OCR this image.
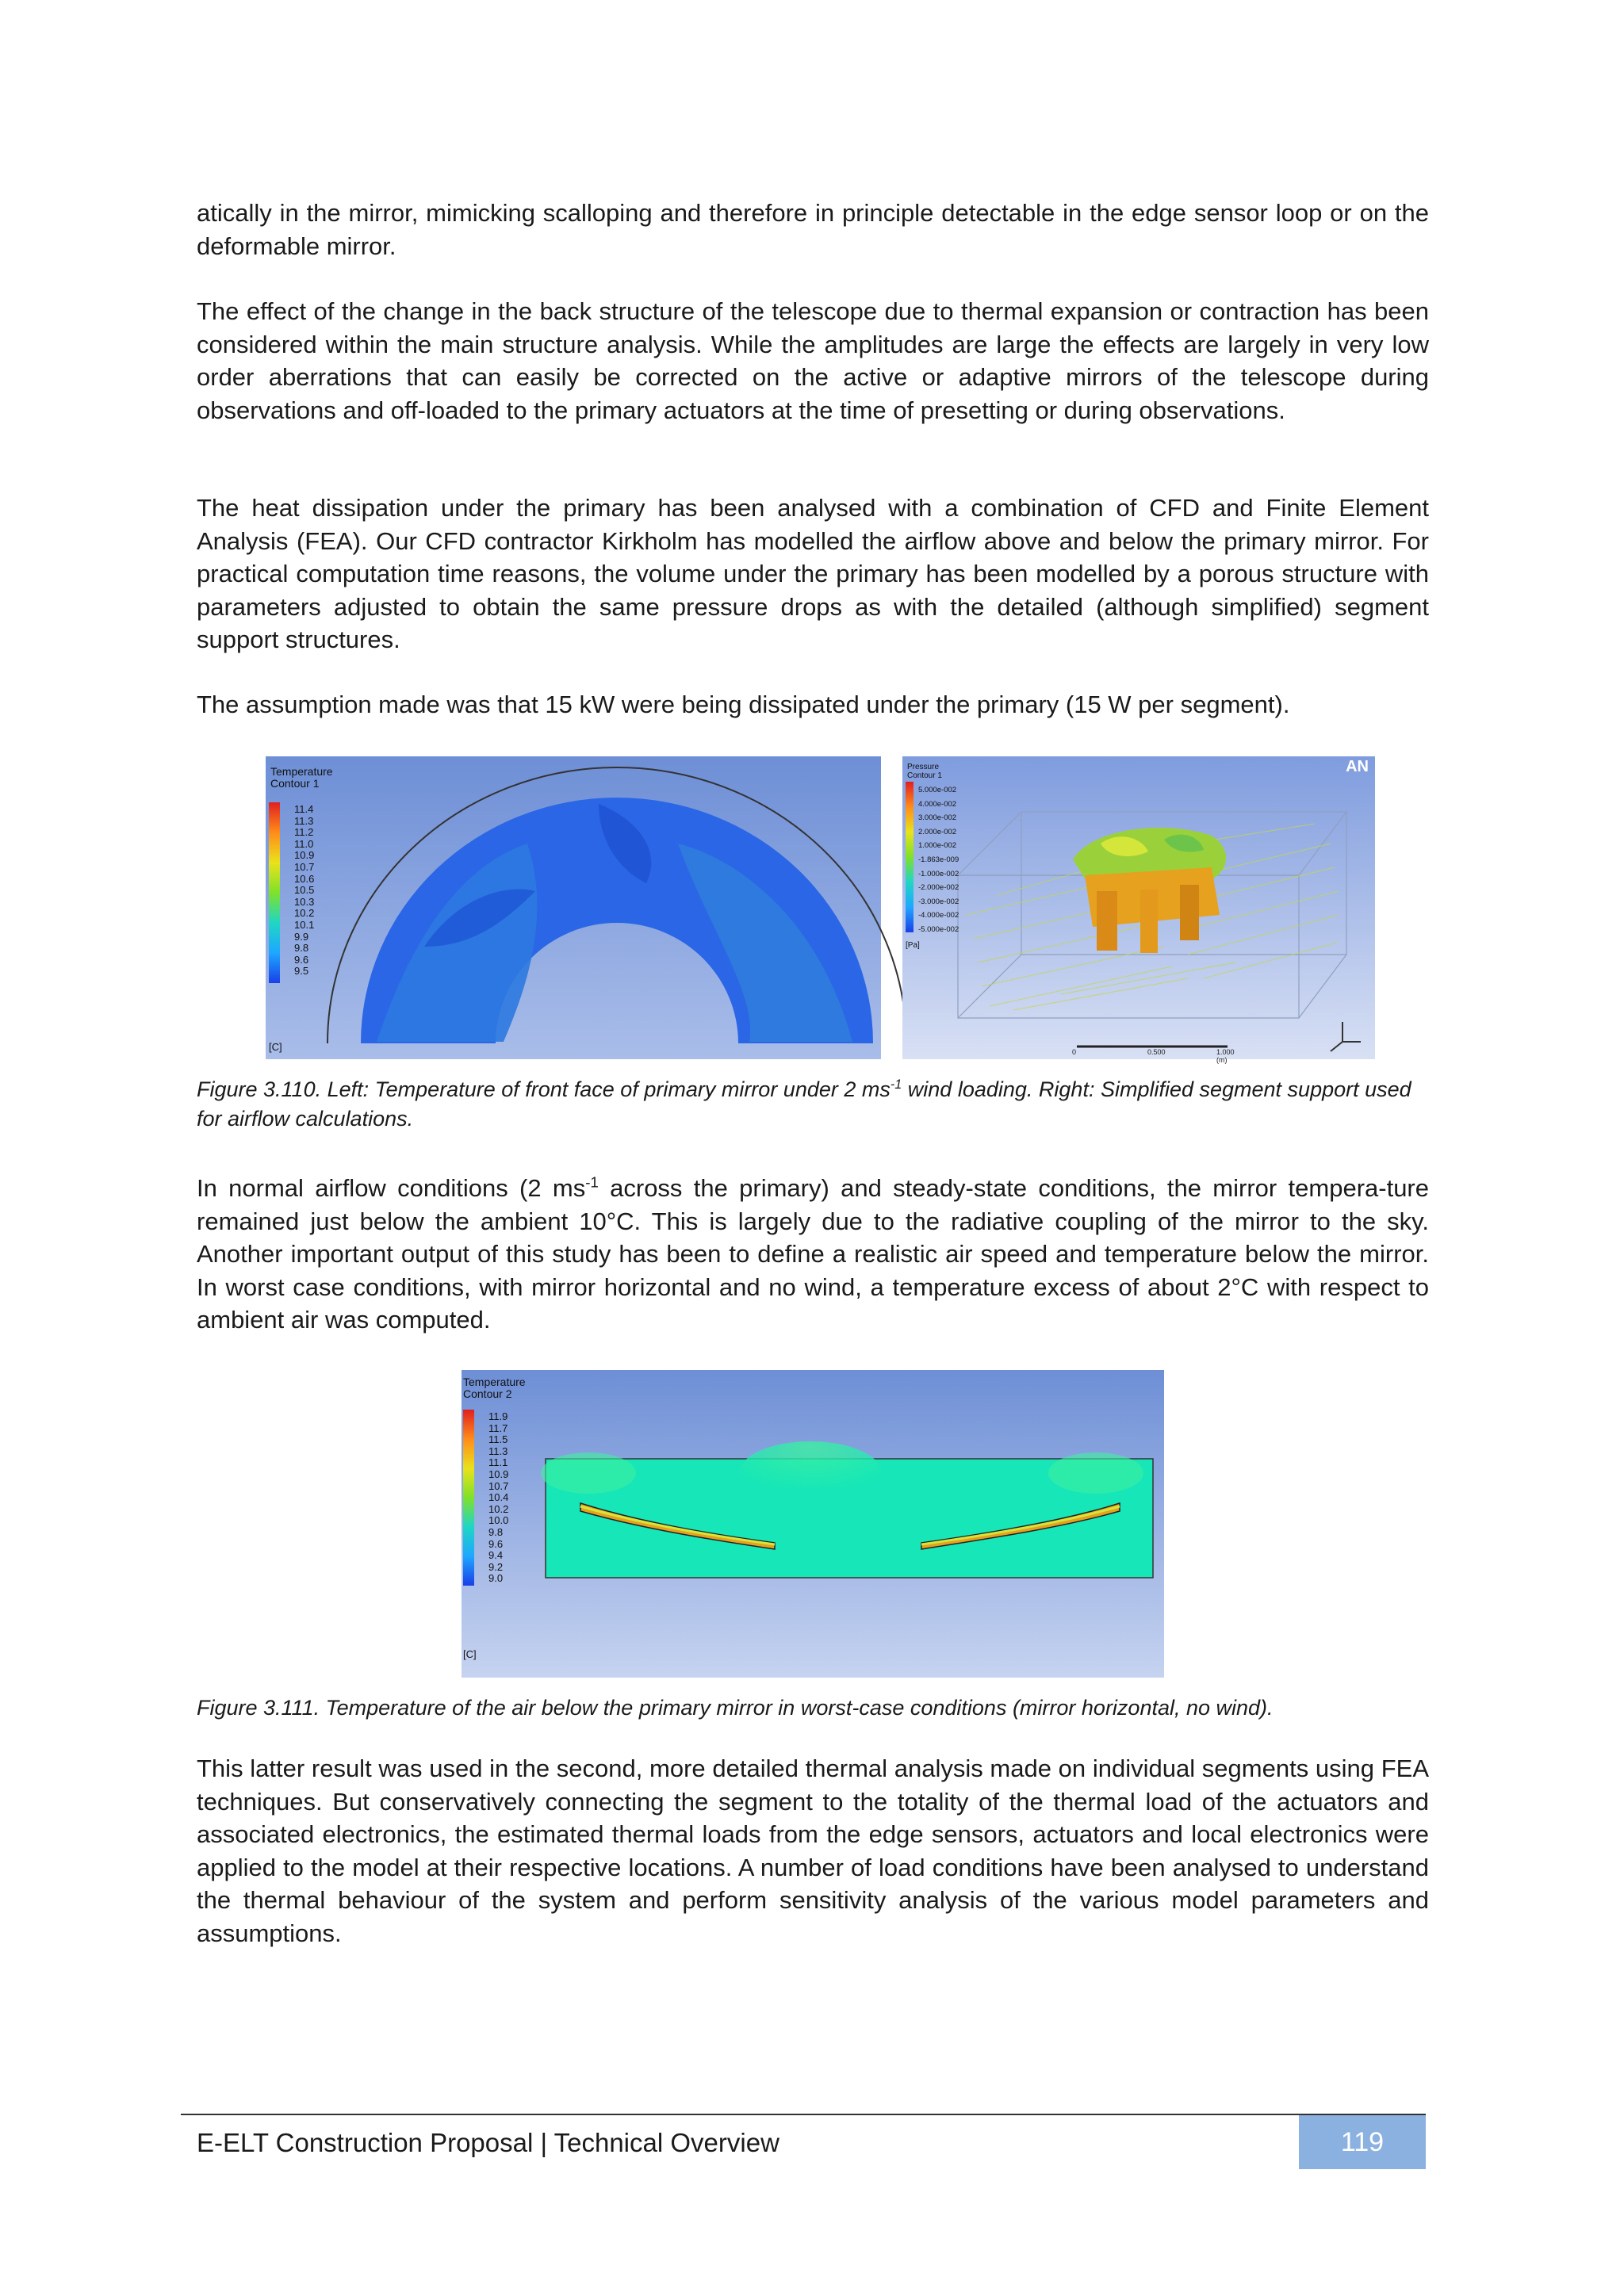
atically in the mirror, mimicking scalloping and therefore in principle detectable in the edge sensor loop or on the deformable mirror.

The effect of the change in the back structure of the telescope due to thermal expansion or contraction has been considered within the main structure analysis. While the amplitudes are large the effects are largely in very low order aberrations that can easily be corrected on the active or adaptive mirrors of the telescope during observations and off-loaded to the primary actuators at the time of presetting or during observations.

The heat dissipation under the primary has been analysed with a combination of CFD and Finite Element Analysis (FEA). Our CFD contractor Kirkholm has modelled the airflow above and below the primary mirror. For practical computation time reasons, the volume under the primary has been modelled by a porous structure with parameters adjusted to obtain the same pressure drops as with the detailed (although simplified) segment support structures.

The assumption made was that 15 kW were being dissipated under the primary (15 W per segment).

Temperature
Contour 1
11.4
11.3
11.2
11.0
10.9
10.7
10.6
10.5
10.3
10.2
10.1
9.9
9.8
9.6
9.5
[C]
Pressure
Contour 1
5.000e-002
4.000e-002
3.000e-002
2.000e-002
1.000e-002
-1.863e-009
-1.000e-002
-2.000e-002
-3.000e-002
-4.000e-002
-5.000e-002
[Pa]
AN
0	0.500	1.000 (m)

Figure 3.110. Left: Temperature of front face of primary mirror under 2 $ms^{-1}$ wind loading. Right: Simplified segment support used for airflow calculations.

In normal airflow conditions (2 $ms^{-1}$ across the primary) and steady-state conditions, the mirror tempera-ture remained just below the ambient 10°C. This is largely due to the radiative coupling of the mirror to the sky. Another important output of this study has been to define a realistic air speed and temperature below the mirror. In worst case conditions, with mirror horizontal and no wind, a temperature excess of about 2°C with respect to ambient air was computed.

Temperature
Contour 2
11.9
11.7
11.5
11.3
11.1
10.9
10.7
10.4
10.2
10.0
9.8
9.6
9.4
9.2
9.0
[C]

Figure 3.111. Temperature of the air below the primary mirror in worst-case conditions (mirror horizontal, no wind).

This latter result was used in the second, more detailed thermal analysis made on individual segments using FEA techniques. But conservatively connecting the segment to the totality of the thermal load of the actuators and associated electronics, the estimated thermal loads from the edge sensors, actuators and local electronics were applied to the model at their respective locations. A number of load conditions have been analysed to understand the thermal behaviour of the system and perform sensitivity analysis of the various model parameters and assumptions.

E-ELT Construction Proposal | Technical Overview	119
